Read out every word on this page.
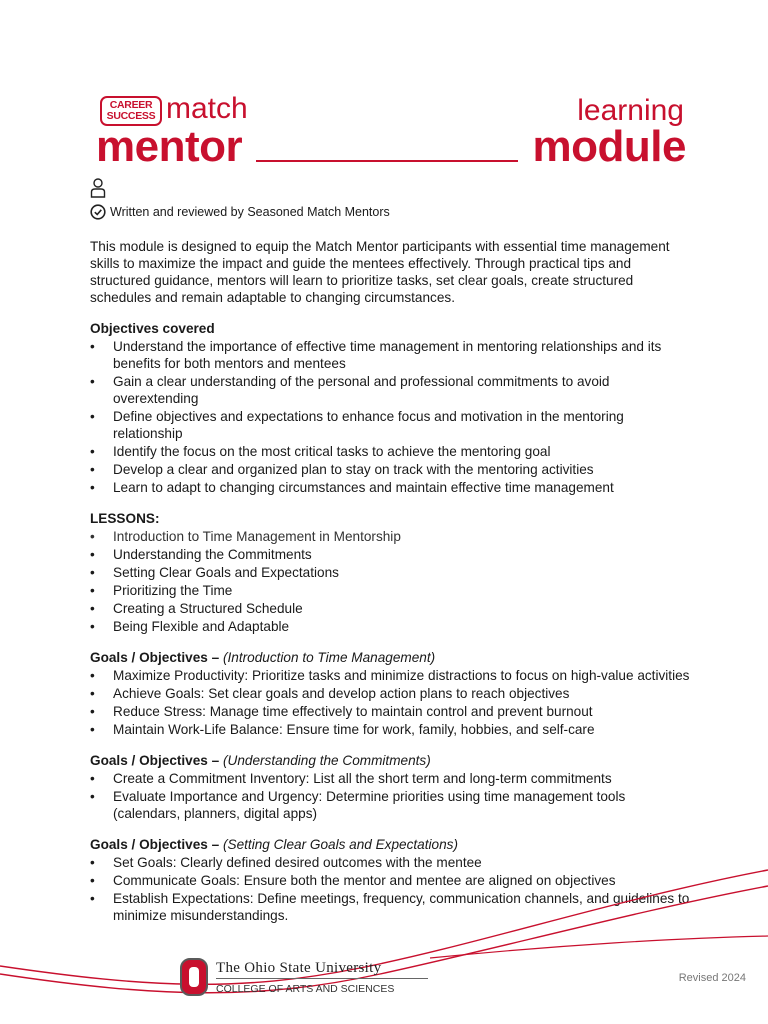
CAREER
SUCCESS match
mentor
learning
module
Written and reviewed by Seasoned Match Mentors

This module is designed to equip the Match Mentor participants with essential time management skills to maximize the impact and guide the mentees effectively. Through practical tips and structured guidance, mentors will learn to prioritize tasks, set clear goals, create structured schedules and remain adaptable to changing circumstances.

Objectives covered
• Understand the importance of effective time management in mentoring relationships and its benefits for both mentors and mentees
• Gain a clear understanding of the personal and professional commitments to avoid overextending
• Define objectives and expectations to enhance focus and motivation in the mentoring relationship
• Identify the focus on the most critical tasks to achieve the mentoring goal
• Develop a clear and organized plan to stay on track with the mentoring activities
• Learn to adapt to changing circumstances and maintain effective time management
LESSONS:
• Introduction to Time Management in Mentorship
• Understanding the Commitments
• Setting Clear Goals and Expectations
• Prioritizing the Time
• Creating a Structured Schedule
• Being Flexible and Adaptable
Goals / Objectives – (Introduction to Time Management)
• Maximize Productivity: Prioritize tasks and minimize distractions to focus on high-value activities
• Achieve Goals: Set clear goals and develop action plans to reach objectives
• Reduce Stress: Manage time effectively to maintain control and prevent burnout
• Maintain Work-Life Balance: Ensure time for work, family, hobbies, and self-care
Goals / Objectives – (Understanding the Commitments)
• Create a Commitment Inventory: List all the short term and long-term commitments
• Evaluate Importance and Urgency: Determine priorities using time management tools (calendars, planners, digital apps)
Goals / Objectives – (Setting Clear Goals and Expectations)
• Set Goals: Clearly defined desired outcomes with the mentee
• Communicate Goals: Ensure both the mentor and mentee are aligned on objectives
• Establish Expectations: Define meetings, frequency, communication channels, and guidelines to minimize misunderstandings.
The Ohio State University
COLLEGE OF ARTS AND SCIENCES
Revised 2024
